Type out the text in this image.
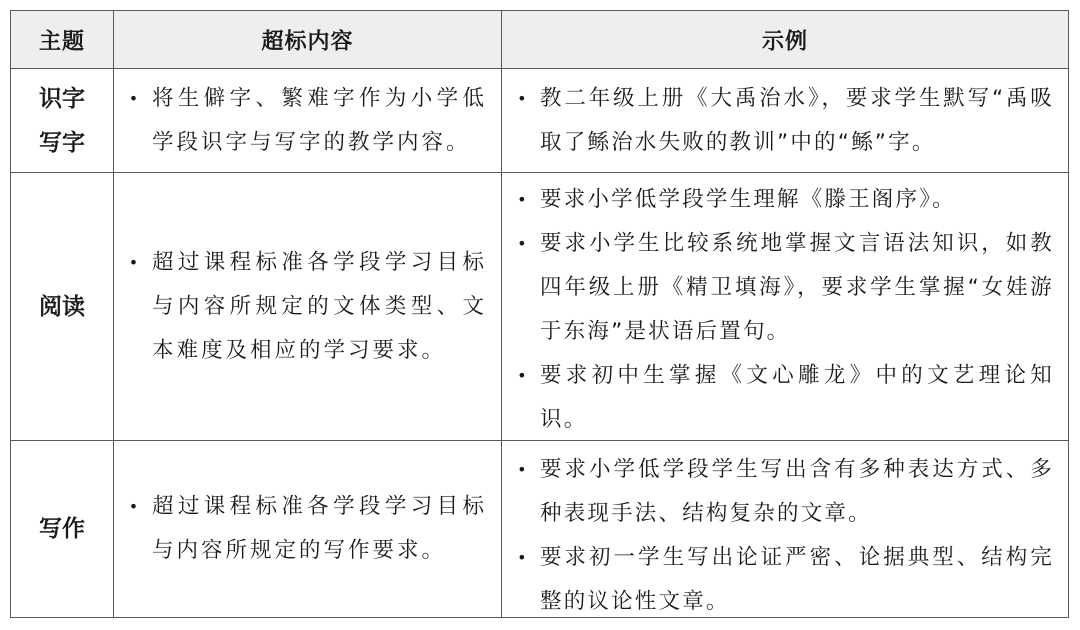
主题	超标内容	示例
识字
写字
• 将生僻字、繁难字作为小学低学段识字与写字的教学内容。
• 教二年级上册《大禹治水》，要求学生默写“禹吸取了鲧治水失败的教训”中的“鲧”字。
阅读
• 超过课程标准各学段学习目标与内容所规定的文体类型、文本难度及相应的学习要求。
• 要求小学低学段学生理解《滕王阁序》。
• 要求小学生比较系统地掌握文言语法知识，如教四年级上册《精卫填海》，要求学生掌握“女娃游于东海”是状语后置句。
• 要求初中生掌握《文心雕龙》中的文艺理论知识。
写作
• 超过课程标准各学段学习目标与内容所规定的写作要求。
• 要求小学低学段学生写出含有多种表达方式、多种表现手法、结构复杂的文章。
• 要求初一学生写出论证严密、论据典型、结构完整的议论性文章。
